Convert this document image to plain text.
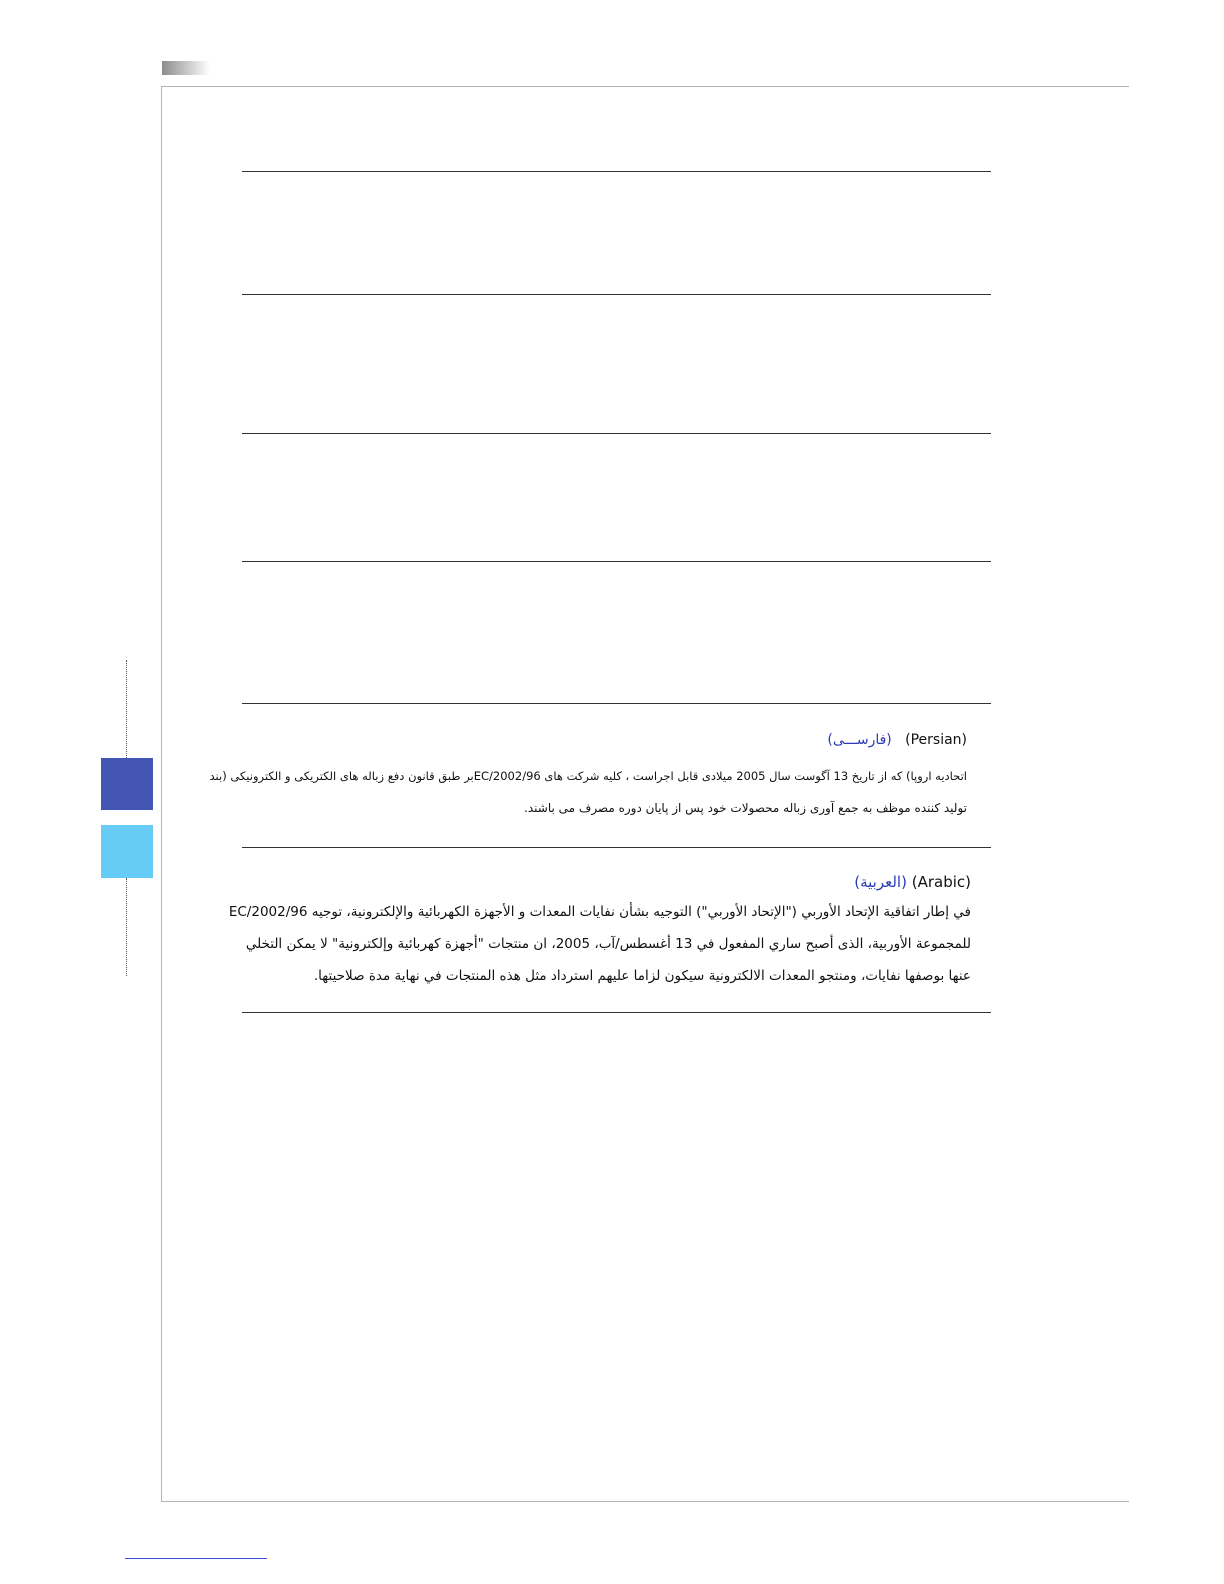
(فارســـی) (Persian)
اتحادیه اروپا) که از تاریخ 13 آگوست سال 2005 میلادی قابل اجراست ، کلیه شرکت های 2002/96/ECبر طبق قانون دفع زباله های الکتریکی و الکترونیکی (بند
تولید کننده موظف به جمع آوری زباله محصولات خود پس از پایان دوره مصرف می باشند.
(العربية) (Arabic)
في إطار اتفاقية الإتحاد الأوربي ("الإتحاد الأوربي") التوجيه بشأن نفايات المعدات و الأجهزة الكهربائية والإلكترونية، توجيه 2002/96/EC
للمجموعة الأوربية، الذى أصبح ساري المفعول في 13 أغسطس/آب، 2005، ان منتجات "أجهزة كهربائية وإلكترونية" لا يمكن التخلي
عنها بوصفها نفايات، ومنتجو المعدات الالكترونية سيكون لزاما عليهم استرداد مثل هذه المنتجات في نهاية مدة صلاحيتها.
